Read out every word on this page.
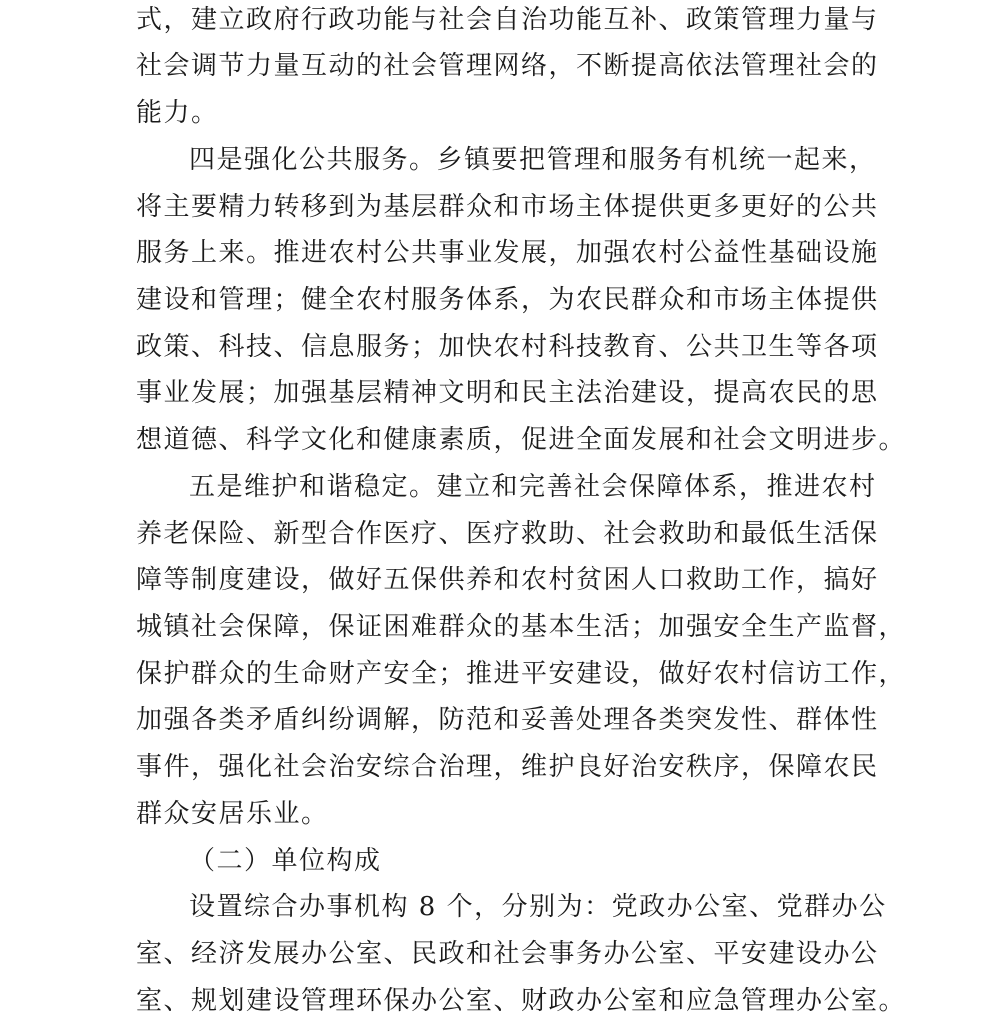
式，建立政府行政功能与社会自治功能互补、政策管理力量与
社会调节力量互动的社会管理网络，不断提高依法管理社会的
能力。
四是强化公共服务。乡镇要把管理和服务有机统一起来，
将主要精力转移到为基层群众和市场主体提供更多更好的公共
服务上来。推进农村公共事业发展，加强农村公益性基础设施
建设和管理；健全农村服务体系，为农民群众和市场主体提供
政策、科技、信息服务；加快农村科技教育、公共卫生等各项
事业发展；加强基层精神文明和民主法治建设，提高农民的思
想道德、科学文化和健康素质，促进全面发展和社会文明进步。
五是维护和谐稳定。建立和完善社会保障体系，推进农村
养老保险、新型合作医疗、医疗救助、社会救助和最低生活保
障等制度建设，做好五保供养和农村贫困人口救助工作，搞好
城镇社会保障，保证困难群众的基本生活；加强安全生产监督，
保护群众的生命财产安全；推进平安建设，做好农村信访工作，
加强各类矛盾纠纷调解，防范和妥善处理各类突发性、群体性
事件，强化社会治安综合治理，维护良好治安秩序，保障农民
群众安居乐业。
（二）单位构成
设置综合办事机构 8 个，分别为：党政办公室、党群办公
室、经济发展办公室、民政和社会事务办公室、平安建设办公
室、规划建设管理环保办公室、财政办公室和应急管理办公室。
